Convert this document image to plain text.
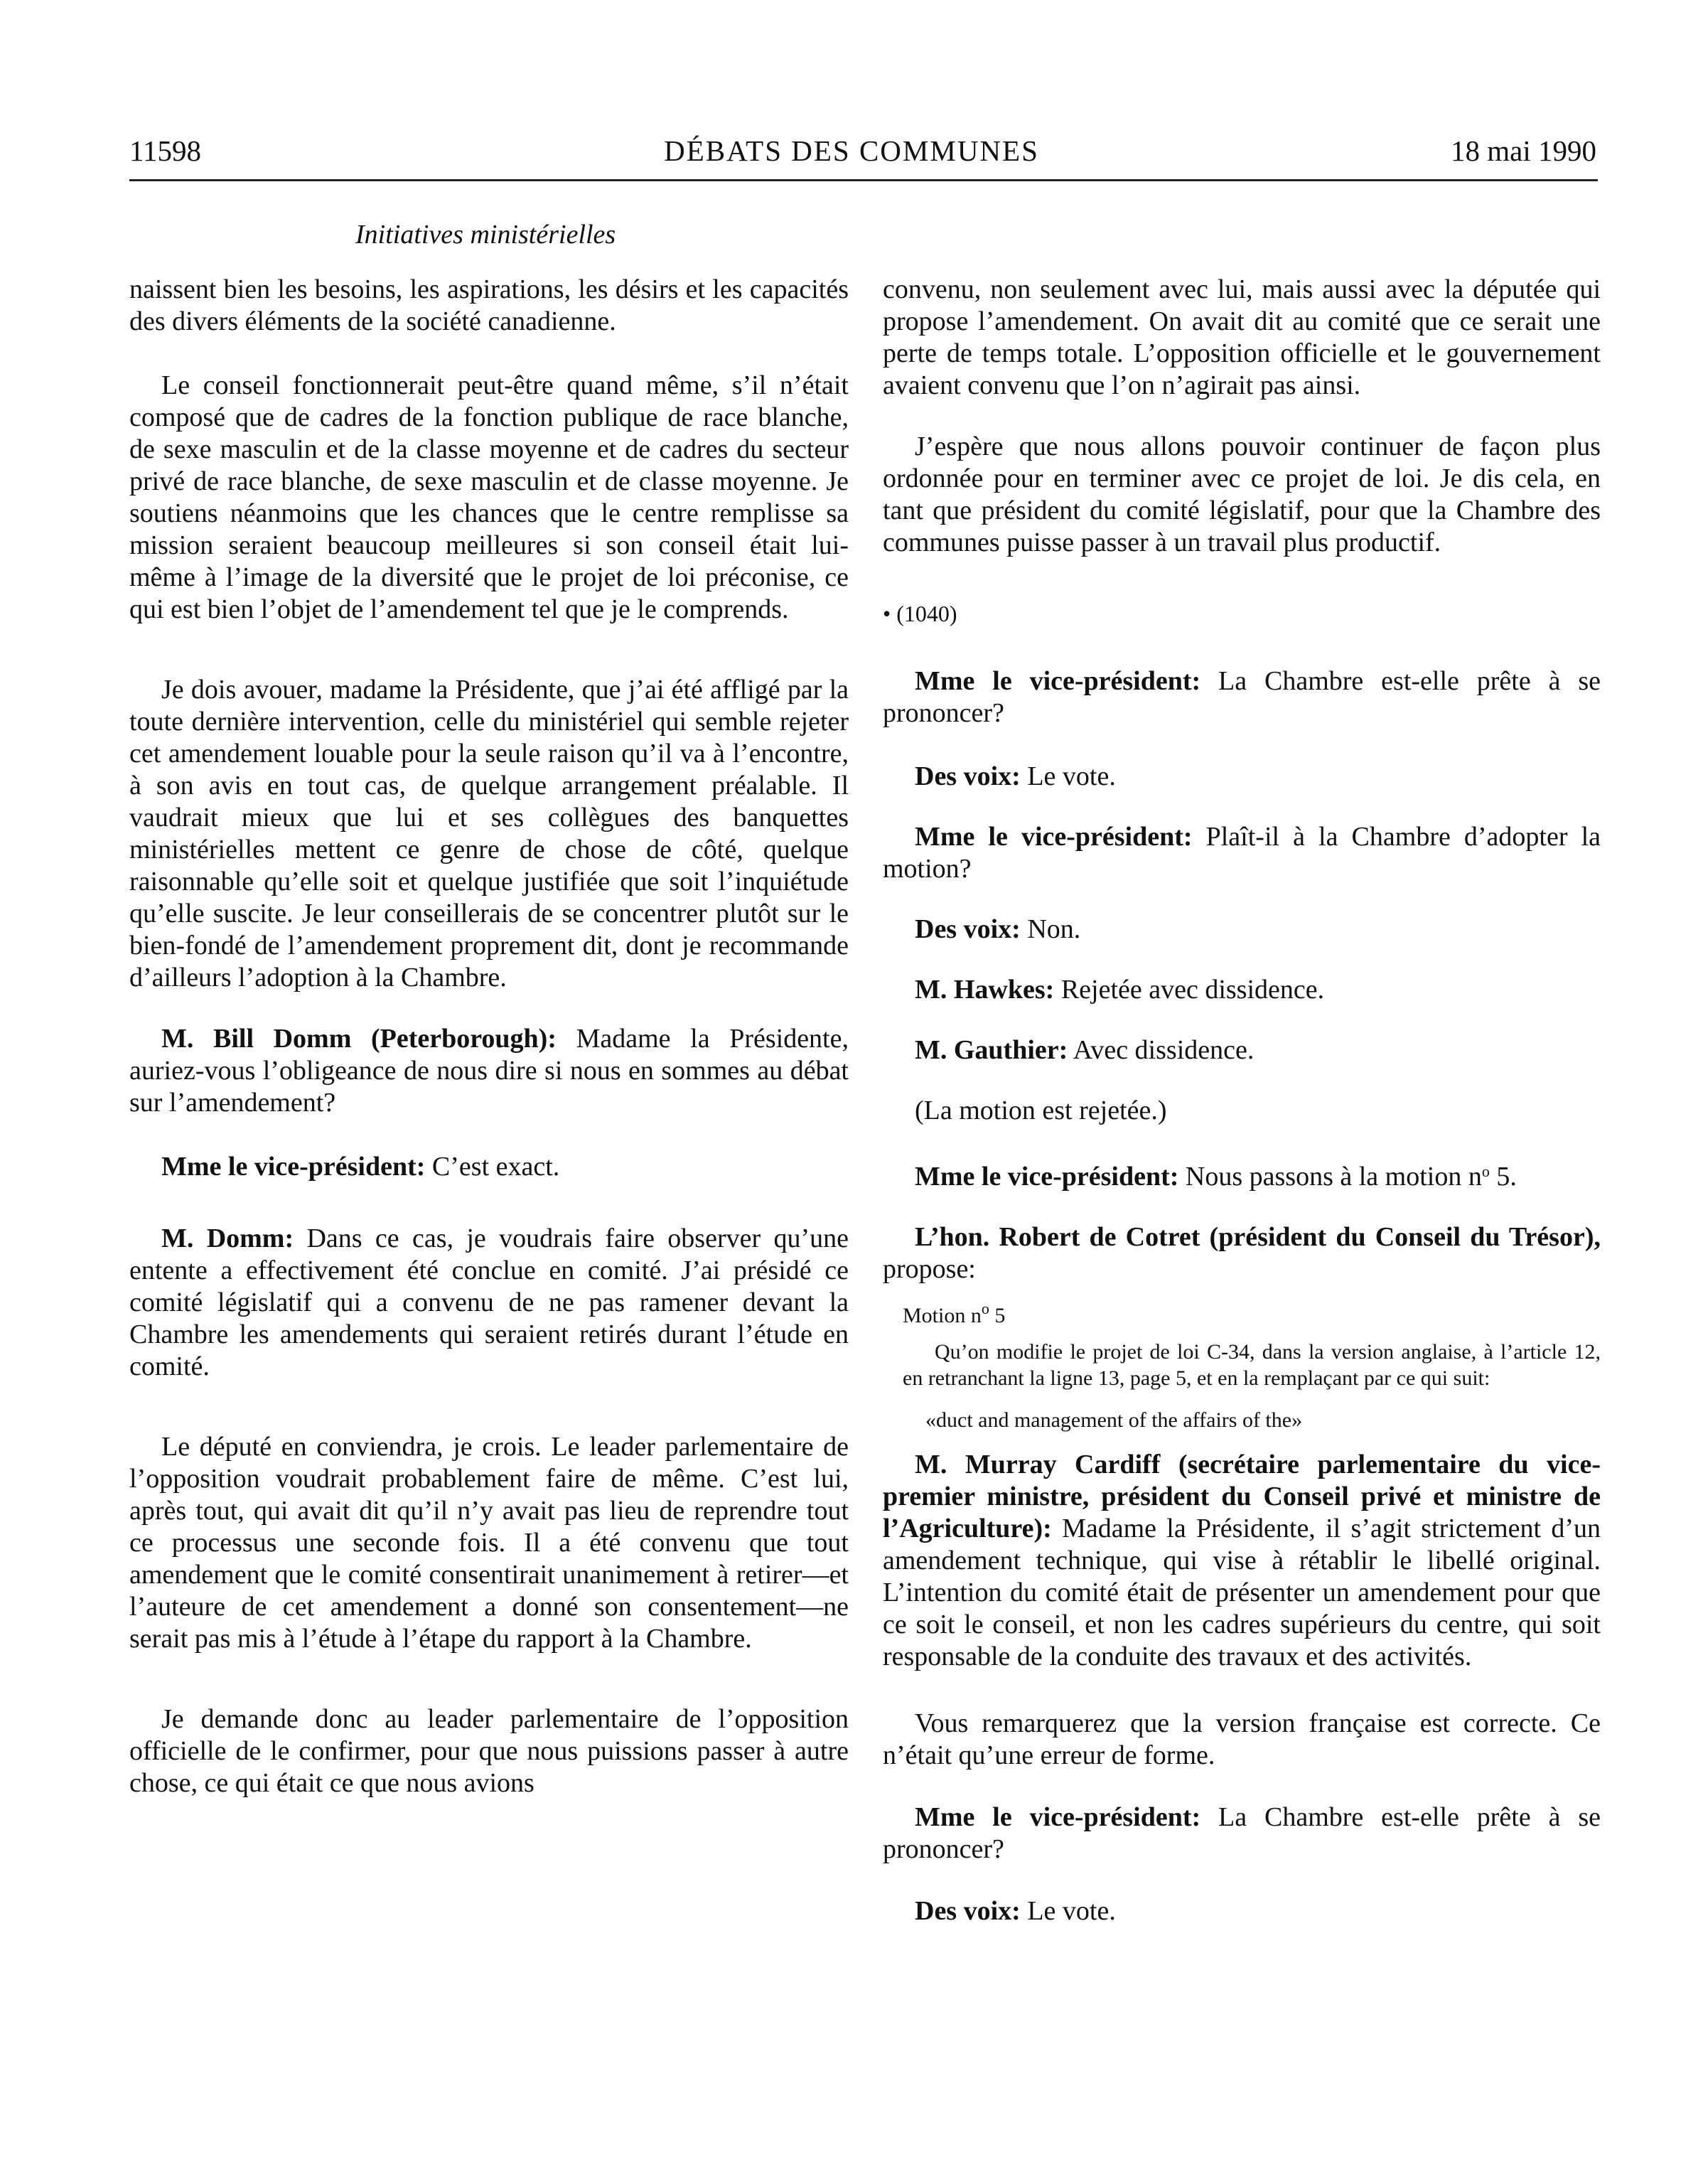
11598	DÉBATS DES COMMUNES	18 mai 1990
Initiatives ministérielles

naissent bien les besoins, les aspirations, les désirs et les capacités des divers éléments de la société canadienne.

Le conseil fonctionnerait peut-être quand même, s’il n’était composé que de cadres de la fonction publique de race blanche, de sexe masculin et de la classe moyenne et de cadres du secteur privé de race blanche, de sexe masculin et de classe moyenne. Je soutiens néanmoins que les chances que le centre remplisse sa mission seraient beaucoup meilleures si son conseil était lui-même à l’image de la diversité que le projet de loi préconise, ce qui est bien l’objet de l’amendement tel que je le comprends.

Je dois avouer, madame la Présidente, que j’ai été affligé par la toute dernière intervention, celle du ministériel qui semble rejeter cet amendement louable pour la seule raison qu’il va à l’encontre, à son avis en tout cas, de quelque arrangement préalable. Il vaudrait mieux que lui et ses collègues des banquettes ministérielles mettent ce genre de chose de côté, quelque raisonnable qu’elle soit et quelque justifiée que soit l’inquiétude qu’elle suscite. Je leur conseillerais de se concentrer plutôt sur le bien-fondé de l’amendement proprement dit, dont je recommande d’ailleurs l’adoption à la Chambre.

M. Bill Domm (Peterborough): Madame la Présidente, auriez-vous l’obligeance de nous dire si nous en sommes au débat sur l’amendement?

Mme le vice-président: C’est exact.

M. Domm: Dans ce cas, je voudrais faire observer qu’une entente a effectivement été conclue en comité. J’ai présidé ce comité législatif qui a convenu de ne pas ramener devant la Chambre les amendements qui seraient retirés durant l’étude en comité.

Le député en conviendra, je crois. Le leader parlementaire de l’opposition voudrait probablement faire de même. C’est lui, après tout, qui avait dit qu’il n’y avait pas lieu de reprendre tout ce processus une seconde fois. Il a été convenu que tout amendement que le comité consentirait unanimement à retirer—et l’auteure de cet amendement a donné son consentement—ne serait pas mis à l’étude à l’étape du rapport à la Chambre.

Je demande donc au leader parlementaire de l’opposition officielle de le confirmer, pour que nous puissions passer à autre chose, ce qui était ce que nous avions

convenu, non seulement avec lui, mais aussi avec la députée qui propose l’amendement. On avait dit au comité que ce serait une perte de temps totale. L’opposition officielle et le gouvernement avaient convenu que l’on n’agirait pas ainsi.

J’espère que nous allons pouvoir continuer de façon plus ordonnée pour en terminer avec ce projet de loi. Je dis cela, en tant que président du comité législatif, pour que la Chambre des communes puisse passer à un travail plus productif.

• (1040)

Mme le vice-président: La Chambre est-elle prête à se prononcer?

Des voix: Le vote.

Mme le vice-président: Plaît-il à la Chambre d’adopter la motion?

Des voix: Non.

M. Hawkes: Rejetée avec dissidence.

M. Gauthier: Avec dissidence.

(La motion est rejetée.)

Mme le vice-président: Nous passons à la motion $n^o$ 5.

L’hon. Robert de Cotret (président du Conseil du Trésor), propose:

Motion $n^o$ 5

Qu’on modifie le projet de loi C-34, dans la version anglaise, à l’article 12, en retranchant la ligne 13, page 5, et en la remplaçant par ce qui suit:

«duct and management of the affairs of the»

M. Murray Cardiff (secrétaire parlementaire du vice-premier ministre, président du Conseil privé et ministre de l’Agriculture): Madame la Présidente, il s’agit strictement d’un amendement technique, qui vise à rétablir le libellé original. L’intention du comité était de présenter un amendement pour que ce soit le conseil, et non les cadres supérieurs du centre, qui soit responsable de la conduite des travaux et des activités.

Vous remarquerez que la version française est correcte. Ce n’était qu’une erreur de forme.

Mme le vice-président: La Chambre est-elle prête à se prononcer?

Des voix: Le vote.
